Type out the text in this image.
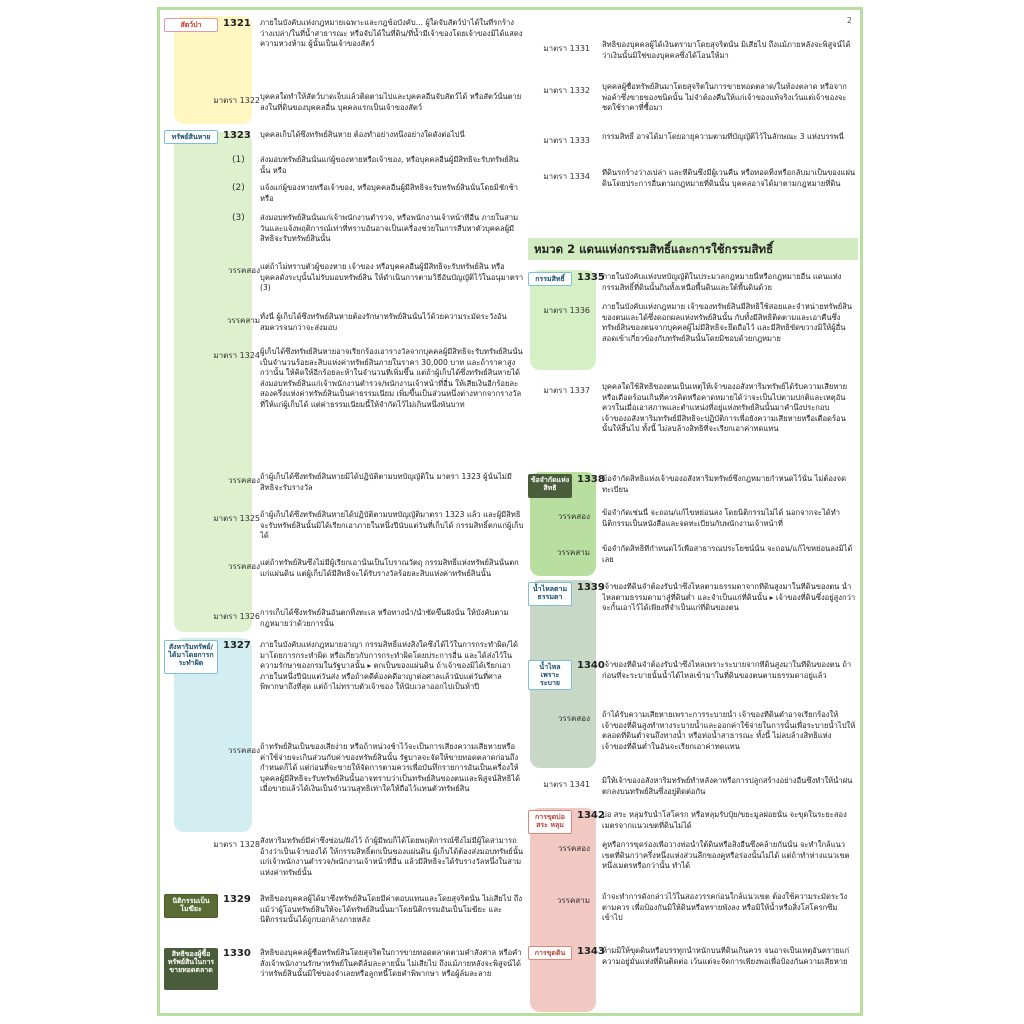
2
สัตว์ป่า	1321 ภายในบังคับแห่งกฎหมายเฉพาะและกฎข้อบังคับ... ผู้ใดจับสัตว์ป่าได้ในที่รกร้างว่างเปล่า/ในที่น้ำสาธารณะ หรือจับได้ในที่ดิน/ที่น้ำมีเจ้าของโดยเจ้าของมิได้แสดงความหวงห้าม ผู้นั้นเป็นเจ้าของสัตว์
มาตรา 1322 บุคคลใดทำให้สัตว์บาดเจ็บแล้วติดตามไปและบุคคลอื่นจับสัตว์ได้ หรือสัตว์นั้นตายลงในที่ดินของบุคคลอื่น บุคคลแรกเป็นเจ้าของสัตว์
ทรัพย์สินหาย	1323 บุคคลเก็บได้ซึ่งทรัพย์สินหาย ต้องทำอย่างหนึ่งอย่างใดดังต่อไปนี้
(1) ส่งมอบทรัพย์สินนั้นแก่ผู้ของหายหรือเจ้าของ, หรือบุคคลอื่นผู้มีสิทธิจะรับทรัพย์สินนั้น หรือ
(2) แจ้งแก่ผู้ของหายหรือเจ้าของ, หรือบุคคลอื่นผู้มีสิทธิจะรับทรัพย์สินนั้นโดยมิชักช้า หรือ
(3) ส่งมอบทรัพย์สินนั้นแก่เจ้าพนักงานตำรวจ, หรือพนักงานเจ้าหน้าที่อื่น ภายในสามวันและแจ้งพฤติการณ์เท่าที่ทราบอันอาจเป็นเครื่องช่วยในการสืบหาตัวบุคคลผู้มีสิทธิจะรับทรัพย์สินนั้น
วรรคสอง แต่ถ้าไม่ทราบตัวผู้ของหาย เจ้าของ หรือบุคคลอื่นผู้มีสิทธิจะรับทรัพย์สิน หรือบุคคลดังระบุนั้นไม่รับมอบทรัพย์สิน ให้ดำเนินการตามวิธีอันบัญญัติไว้ในอนุมาตรา (3)
วรรคสาม ทั้งนี้ ผู้เก็บได้ซึ่งทรัพย์สินหายต้องรักษาทรัพย์สินนั้นไว้ด้วยความระมัดระวังอันสมควรจนกว่าจะส่งมอบ
มาตรา 1324 ผู้เก็บได้ซึ่งทรัพย์สินหายอาจเรียกร้องเอารางวัลจากบุคคลผู้มีสิทธิจะรับทรัพย์สินนั้นเป็นจำนวนร้อยละสิบแห่งค่าทรัพย์สินภายในราคา 30,000 บาท และถ้าราคาสูงกว่านั้น ให้คิดให้อีกร้อยละห้าในจำนวนที่เพิ่มขึ้น แต่ถ้าผู้เก็บได้ซึ่งทรัพย์สินหายได้ส่งมอบทรัพย์สินแก่เจ้าพนักงานตำรวจ/พนักงานเจ้าหน้าที่อื่น ให้เสียเงินอีกร้อยละสองครึ่งแห่งค่าทรัพย์สินเป็นค่าธรรมเนียม เพิ่มขึ้นเป็นส่วนหนึ่งต่างหากจากรางวัลที่ให้แก่ผู้เก็บได้ แต่ค่าธรรมเนียมนี้ให้จำกัดไว้ไม่เกินหนึ่งพันบาท
วรรคสอง ถ้าผู้เก็บได้ซึ่งทรัพย์สินหายมิได้ปฏิบัติตามบทบัญญัติใน มาตรา 1323 ผู้นั้นไม่มีสิทธิจะรับรางวัล
มาตรา 1325 ถ้าผู้เก็บได้ซึ่งทรัพย์สินหายได้ปฏิบัติตามบทบัญญัติมาตรา 1323 แล้ว และผู้มีสิทธิจะรับทรัพย์สินนั้นมิได้เรียกเอาภายในหนึ่งปีนับแต่วันที่เก็บได้ กรรมสิทธิ์ตกแก่ผู้เก็บได้
วรรคสอง แต่ถ้าทรัพย์สินซึ่งไม่มีผู้เรียกเอานั้นเป็นโบราณวัตถุ กรรมสิทธิ์แห่งทรัพย์สินนั้นตกแก่แผ่นดิน แต่ผู้เก็บได้มีสิทธิจะได้รับรางวัลร้อยละสิบแห่งค่าทรัพย์สินนั้น
มาตรา 1326 การเก็บได้ซึ่งทรัพย์สินอันตกทิ้งทะเล หรือทางน้ำ/น้ำซัดขึ้นฝั่งนั้น ให้บังคับตามกฎหมายว่าด้วยการนั้น
สังหาริมทรัพย์/ได้มาโดยการกระทำผิด
1327 ภายในบังคับแห่งกฎหมายอาญา กรรมสิทธิ์แห่งสิ่งใดซึ่งได้ไว้ในการกระทำผิด/ได้มาโดยการกระทำผิด หรือเกี่ยวกับการกระทำผิดโดยประการอื่น และได้ส่งไว้ในความรักษาของกรมในรัฐบาลนั้น ▸ ตกเป็นของแผ่นดิน ถ้าเจ้าของมิได้เรียกเอาภายในหนึ่งปีนับแต่วันส่ง หรือถ้าคดีต้องคดีอาญาต่อศาลแล้วนับแต่วันที่ศาลพิพากษาถึงที่สุด แต่ถ้าไม่ทราบตัวเจ้าของ ให้นับเวลาออกไปเป็นห้าปี
วรรคสอง ถ้าทรัพย์สินเป็นของเสียง่าย หรือถ้าหน่วงช้าไว้จะเป็นการเสี่ยงความเสียหายหรือค่าใช้จ่ายจะเกินส่วนกับค่าของทรัพย์สินนั้น รัฐบาลจะจัดให้ขายทอดตลาดก่อนถึงกำหนดก็ได้ แต่ก่อนที่จะขายให้จัดการตามควรเพื่อบันทึกรายการอันเป็นเครื่องให้บุคคลผู้มีสิทธิจะรับทรัพย์สินนั้นอาจทราบว่าเป็นทรัพย์สินของตนและพิสูจน์สิทธิได้ เมื่อขายแล้วได้เงินเป็นจำนวนสุทธิเท่าใดให้ถือไว้แทนตัวทรัพย์สิน
มาตรา 1328 สังหาริมทรัพย์มีค่าซึ่งซ่อน/ฝังไว้ ถ้าผู้มีพบก็ได้โดยพฤติการณ์ซึ่งไม่มีผู้ใดสามารถอ้างว่าเป็นเจ้าของได้ ให้กรรมสิทธิ์ตกเป็นของแผ่นดิน ผู้เก็บได้ต้องส่งมอบทรัพย์นั้นแก่เจ้าพนักงานตำรวจ/พนักงานเจ้าหน้าที่อื่น แล้วมีสิทธิจะได้รับรางวัลหนึ่งในสามแห่งค่าทรัพย์นั้น
นิติกรรมเป็นโมฆียะ
1329 สิทธิของบุคคลผู้ได้มาซึ่งทรัพย์สินโดยมีค่าตอบแทนและโดยสุจริตนั้น ไม่เสียไป ถึงแม้ว่าผู้โอนทรัพย์สินให้จะได้ทรัพย์สินนั้นมาโดยนิติกรรมอันเป็นโมฆียะ และนิติกรรมนั้นได้ถูกบอกล้างภายหลัง
สิทธิของผู้ซื้อทรัพย์สินในการขายทอดตลาด
1330 สิทธิของบุคคลผู้ซื้อทรัพย์สินโดยสุจริตในการขายทอดตลาดตามคำสั่งศาล หรือคำสั่งเจ้าพนักงานรักษาทรัพย์ในคดีล้มละลายนั้น ไม่เสียไป ถึงแม้ภายหลังจะพิสูจน์ได้ว่าทรัพย์สินนั้นมิใช่ของจำเลยหรือลูกหนี้โดยคำพิพากษา หรือผู้ล้มละลาย
หมวด 2 แดนแห่งกรรมสิทธิ์และการใช้กรรมสิทธิ์
มาตรา 1331 สิทธิของบุคคลผู้ได้เงินตรามาโดยสุจริตนั้น มิเสียไป ถึงแม้ภายหลังจะพิสูจน์ได้ว่าเงินนั้นมิใช่ของบุคคลซึ่งได้โอนให้มา
มาตรา 1332 บุคคลผู้ซื้อทรัพย์สินมาโดยสุจริตในการขายทอดตลาด/ในท้องตลาด หรือจากพ่อค้าซึ่งขายของชนิดนั้น ไม่จำต้องคืนให้แก่เจ้าของแท้จริงเว้นแต่เจ้าของจะชดใช้ราคาที่ซื้อมา
มาตรา 1333 กรรมสิทธิ์ อาจได้มาโดยอายุความตามที่บัญญัติไว้ในลักษณะ 3 แห่งบรรพนี้
มาตรา 1334 ที่ดินรกร้างว่างเปล่า และที่ดินซึ่งมีผู้เวนคืน หรือทอดทิ้งหรือกลับมาเป็นของแผ่นดินโดยประการอื่นตามกฎหมายที่ดินนั้น บุคคลอาจได้มาตามกฎหมายที่ดิน
กรรมสิทธิ์	1335
ภายในบังคับแห่งบทบัญญัติในประมวลกฎหมายนี้หรือกฎหมายอื่น แดนแห่งกรรมสิทธิ์ที่ดินนั้นกินทั้งเหนือพื้นดินและใต้พื้นดินด้วย
มาตรา 1336 ภายในบังคับแห่งกฎหมาย เจ้าของทรัพย์สินมีสิทธิใช้สอยและจำหน่ายทรัพย์สินของตนและได้ซึ่งดอกผลแห่งทรัพย์สินนั้น กับทั้งมีสิทธิติดตามและเอาคืนซึ่งทรัพย์สินของตนจากบุคคลผู้ไม่มีสิทธิจะยึดถือไว้ และมีสิทธิขัดขวางมิให้ผู้อื่นสอดเข้าเกี่ยวข้องกับทรัพย์สินนั้นโดยมิชอบด้วยกฎหมาย
มาตรา 1337 บุคคลใดใช้สิทธิของตนเป็นเหตุให้เจ้าของอสังหาริมทรัพย์ได้รับความเสียหาย หรือเดือดร้อนเกินที่ควรคิดหรือคาดหมายได้ว่าจะเป็นไปตามปกติและเหตุอันควรในเมื่อเอาสภาพและตำแหน่งที่อยู่แห่งทรัพย์สินนั้นมาคำนึงประกอบ เจ้าของอสังหาริมทรัพย์มีสิทธิจะปฏิบัติการเพื่อยังความเสียหายหรือเดือดร้อนนั้นให้สิ้นไป ทั้งนี้ ไม่ลบล้างสิทธิที่จะเรียกเอาค่าทดแทน
ข้อจำกัดแห่งสิทธิ
1338
ข้อจำกัดสิทธิแห่งเจ้าของอสังหาริมทรัพย์ซึ่งกฎหมายกำหนดไว้นั้น ไม่ต้องจดทะเบียน
วรรคสอง ข้อจำกัดเช่นนี้ จะถอน/แก้ไขหย่อนลง โดยนิติกรรมไม่ได้ นอกจากจะได้ทำนิติกรรมเป็นหนังสือและจดทะเบียนกับพนักงานเจ้าหน้าที่
วรรคสาม ข้อจำกัดสิทธิที่กำหนดไว้เพื่อสาธารณประโยชน์นั้น จะถอน/แก้ไขหย่อนลงมิได้เลย
น้ำไหลตามธรรมดา
1339
เจ้าของที่ดินจำต้องรับน้ำซึ่งไหลตามธรรมดาจากที่ดินสูงมาในที่ดินของตน น้ำไหลตามธรรมดามาสู่ที่ดินต่ำ และจำเป็นแก่ที่ดินนั้น ▸ เจ้าของที่ดินซึ่งอยู่สูงกว่าจะกั้นเอาไว้ได้เพียงที่จำเป็นแก่ที่ดินของตน
น้ำไหลเพราะระบาย
1340
เจ้าของที่ดินจำต้องรับน้ำซึ่งไหลเพราะระบายจากที่ดินสูงมาในที่ดินของตน ถ้าก่อนที่จะระบายนั้นน้ำได้ไหลเข้ามาในที่ดินของตนตามธรรมดาอยู่แล้ว
วรรคสอง ถ้าได้รับความเสียหายเพราะการระบายน้ำ เจ้าของที่ดินต่ำอาจเรียกร้องให้เจ้าของที่ดินสูงทำทางระบายน้ำและออกค่าใช้จ่ายในการนั้นเพื่อระบายน้ำไปให้ตลอดที่ดินต่ำจนถึงทางน้ำ หรือท่อน้ำสาธารณะ ทั้งนี้ ไม่ลบล้างสิทธิแห่งเจ้าของที่ดินต่ำในอันจะเรียกเอาค่าทดแทน
มาตรา 1341 มิให้เจ้าของอสังหาริมทรัพย์ทำหลังคาหรือการปลูกสร้างอย่างอื่นซึ่งทำให้น้ำฝนตกลงบนทรัพย์สินซึ่งอยู่ติดต่อกัน
การขุดบ่อ สระ หลุม
1342
บ่อ สระ หลุมรับน้ำโสโครก หรือหลุมรับปุ๋ย/ขยะมูลฝอยนั้น จะขุดในระยะสองเมตรจากแนวเขตที่ดินไม่ได้
วรรคสอง คูหรือการขุดร่องเพื่อวางท่อน้ำใต้ดินหรือสิ่งอื่นซึ่งคล้ายกันนั้น จะทำใกล้แนวเขตที่ดินกว่าครึ่งหนึ่งแห่งส่วนลึกของคูหรือร่องนั้นไม่ได้ แต่ถ้าทำห่างแนวเขตหนึ่งเมตรหรือกว่านั้น ทำได้
วรรคสาม ถ้าจะทำการดังกล่าวไว้ในสองวรรคก่อนใกล้แนวเขต ต้องใช้ความระมัดระวังตามควร เพื่อป้องกันมิให้ดินหรือทรายพังลง หรือมิให้น้ำหรือสิ่งโสโครกซึมเข้าไป
การขุดดิน	1343
ห้ามมิให้ขุดดินหรือบรรทุกน้ำหนักบนที่ดินเกินควร จนอาจเป็นเหตุอันตรายแก่ความอยู่มั่นแห่งที่ดินติดต่อ เว้นแต่จะจัดการเพียงพอเพื่อป้องกันความเสียหาย
